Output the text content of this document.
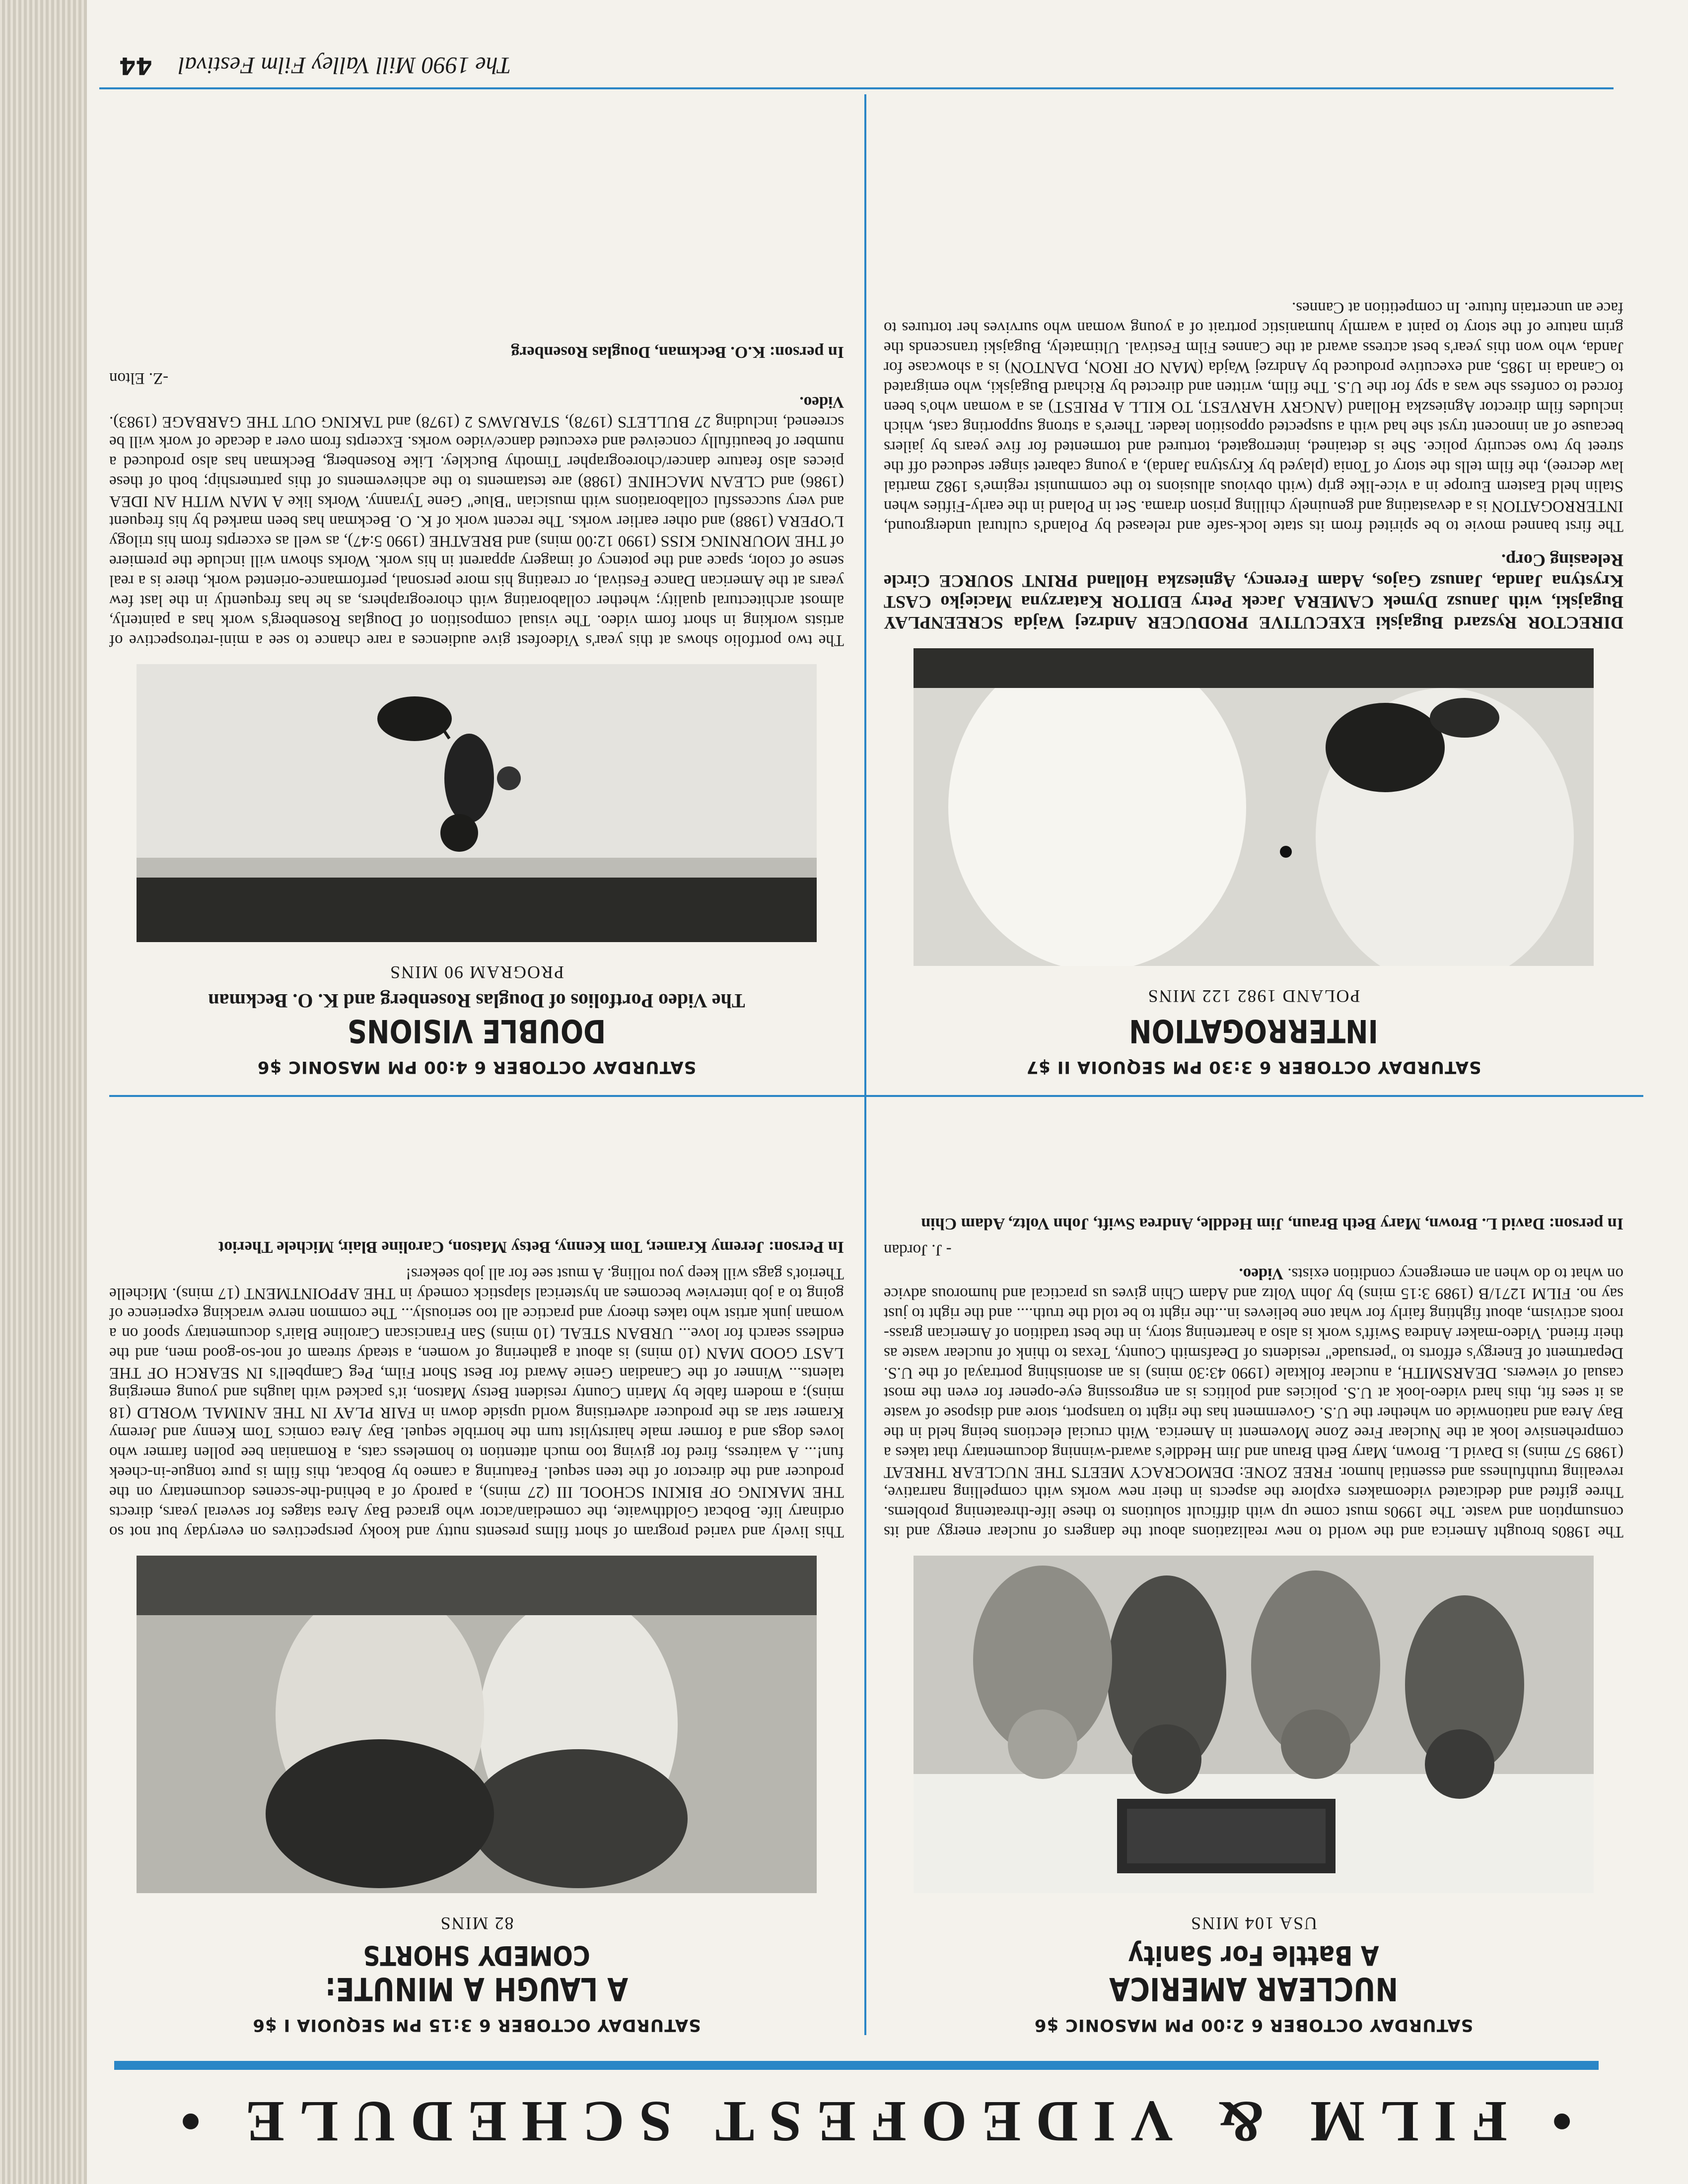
• FILM & VIDEOFEST SCHEDULE •
SATURDAY OCTOBER 6 2:00 PM MASONIC $6
NUCLEAR AMERICA
A Battle For Sanity
USA 104 MINS
The 1980s brought America and the world to new realizations about the dangers of nuclear energy and its consumption and waste. The 1990s must come up with difficult solutions to these life-threatening problems. Three gifted and dedicated videomakers explore the aspects in their new works with compelling narrative, revealing truthfulness and essential humor. FREE ZONE: DEMOCRACY MEETS THE NUCLEAR THREAT (1989 57 mins) is David L. Brown, Mary Beth Braun and Jim Heddle's award-winning documentary that takes a comprehensive look at the Nuclear Free Zone Movement in America. With crucial elections being held in the Bay Area and nationwide on whether the U.S. Government has the right to transport, store and dispose of waste as it sees fit, this hard video-look at U.S. policies and politics is an engrossing eye-opener for even the most casual of viewers. DEARSMITH, a nuclear folktale (1990 43:30 mins) is an astonishing portrayal of the U.S. Department of Energy's efforts to "persuade" residents of Deafsmith County, Texas to think of nuclear waste as their friend. Video-maker Andrea Swift's work is also a heartening story, in the best tradition of American grass-roots activism, about fighting fairly for what one believes in...the right to be told the truth.... and the right to just say no. FILM 1271/B (1989 3:15 mins) by John Voltz and Adam Chin gives us practical and humorous advice on what to do when an emergency condition exists. Video.
- J. Jordan
In person: David L. Brown, Mary Beth Braun, Jim Heddle, Andrea Swift, John Voltz, Adam Chin
SATURDAY OCTOBER 6 3:15 PM SEQUOIA I $6
A LAUGH A MINUTE:
COMEDY SHORTS
82 MINS
This lively and varied program of short films presents nutty and kooky perspectives on everyday but not so ordinary life. Bobcat Goldthwaite, the comedian/actor who graced Bay Area stages for several years, directs THE MAKING OF BIKINI SCHOOL III (27 mins), a parody of a behind-the-scenes documentary on the producer and the director of the teen sequel. Featuring a cameo by Bobcat, this film is pure tongue-in-cheek fun!... A waitress, fired for giving too much attention to homeless cats, a Romanian bee pollen farmer who loves dogs and a former male hairstylist turn the horrible sequel. Bay Area comics Tom Kenny and Jeremy Kramer star as the producer advertising world upside down in FAIR PLAY IN THE ANIMAL WORLD (18 mins); a modern fable by Marin County resident Betsy Matson, it's packed with laughs and young emerging talents... Winner of the Canadian Genie Award for Best Short Film, Peg Campbell's IN SEARCH OF THE LAST GOOD MAN (10 mins) is about a gathering of women, a steady stream of not-so-good men, and the endless search for love... URBAN STEAL (10 mins) San Franciscan Caroline Blair's documentary spoof on a woman junk artist who takes theory and practice all too seriously... The common nerve wracking experience of going to a job interview becomes an hysterical slapstick comedy in THE APPOINTMENT (17 mins). Michelle Theriot's gags will keep you rolling. A must see for all job seekers!
In Person: Jeremy Kramer, Tom Kenny, Betsy Matson, Caroline Blair, Michele Theriot
SATURDAY OCTOBER 6 3:30 PM SEQUOIA II $7
INTERROGATION
POLAND 1982 122 MINS
DIRECTOR Ryszard Bugajski EXECUTIVE PRODUCER Andrzej Wajda SCREENPLAY Bugajski, with Janusz Dymek CAMERA Jacek Petry EDITOR Katarzyna Maciejko CAST Krystyna Janda, Janusz Gajos, Adam Ferency, Agnieszka Holland PRINT SOURCE Circle Releasing Corp.
The first banned movie to be spirited from its state lock-safe and released by Poland's cultural underground, INTERROGATION is a devastating and genuinely chilling prison drama. Set in Poland in the early-Fifties when Stalin held Eastern Europe in a vice-like grip (with obvious allusions to the communist regime's 1982 martial law decree), the film tells the story of Tonia (played by Krystyna Janda), a young cabaret singer seduced off the street by two security police. She is detained, interrogated, tortured and tormented for five years by jailers because of an innocent tryst she had with a suspected opposition leader. There's a strong supporting cast, which includes film director Agnieszka Holland (ANGRY HARVEST, TO KILL A PRIEST) as a woman who's been forced to confess she was a spy for the U.S. The film, written and directed by Richard Bugajski, who emigrated to Canada in 1985, and executive produced by Andrzej Wajda (MAN OF IRON, DANTON) is a showcase for Janda, who won this year's best actress award at the Cannes Film Festival. Ultimately, Bugajski transcends the grim nature of the story to paint a warmly humanistic portrait of a young woman who survives her tortures to face an uncertain future. In competition at Cannes.
SATURDAY OCTOBER 6 4:00 PM MASONIC $6
DOUBLE VISIONS
The Video Portfolios of Douglas Rosenberg and K. O. Beckman
PROGRAM 90 MINS
The two portfolio shows at this year's Videofest give audiences a rare chance to see a mini-retrospective of artists working in short form video. The visual composition of Douglas Rosenberg's work has a painterly, almost architectural quality; whether collaborating with choreographers, as he has frequently in the last few years at the American Dance Festival, or creating his more personal, performance-oriented work, there is a real sense of color, space and the potency of imagery apparent in his work. Works shown will include the premiere of THE MOURNING KISS (1990 12:00 mins) and BREATHE (1990 5:47), as well as excerpts from his trilogy L'OPERA (1988) and other earlier works. The recent work of K. O. Beckman has been marked by his frequent and very successful collaborations with musician "Blue" Gene Tyranny. Works like A MAN WITH AN IDEA (1986) and CLEAN MACHINE (1988) are testaments to the achievements of this partnership; both of these pieces also feature dancer/choreographer Timothy Buckley. Like Rosenberg, Beckman has also produced a number of beautifully conceived and executed dance/video works. Excerpts from over a decade of work will be screened, including 27 BULLETS (1978), STARJAWS 2 (1978) and TAKING OUT THE GARBAGE (1983). Video.
-Z. Elton
In person: K.O. Beckman, Douglas Rosenberg
The 1990 Mill Valley Film Festival 44
